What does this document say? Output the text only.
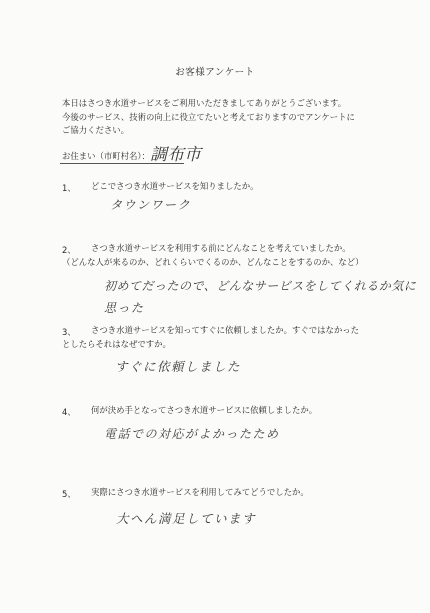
お客様アンケート
本日はさつき水道サービスをご利用いただきましてありがとうございます。
今後のサービス、技術の向上に役立てたいと考えておりますのでアンケートに
ご協力ください。
お住まい（市町村名）： 調布市
1、 どこでさつき水道サービスを知りましたか。
タウンワーク
2、 さつき水道サービスを利用する前にどんなことを考えていましたか。
（どんな人が来るのか、どれくらいでくるのか、どんなことをするのか、など）
初めてだったので、どんなサービスをしてくれるか気に
思った
3、 さつき水道サービスを知ってすぐに依頼しましたか。すぐではなかった
としたらそれはなぜですか。
すぐに依頼しました
4、 何が決め手となってさつき水道サービスに依頼しましたか。
電話での対応がよかったため
5、 実際にさつき水道サービスを利用してみてどうでしたか。
大へん満足しています
